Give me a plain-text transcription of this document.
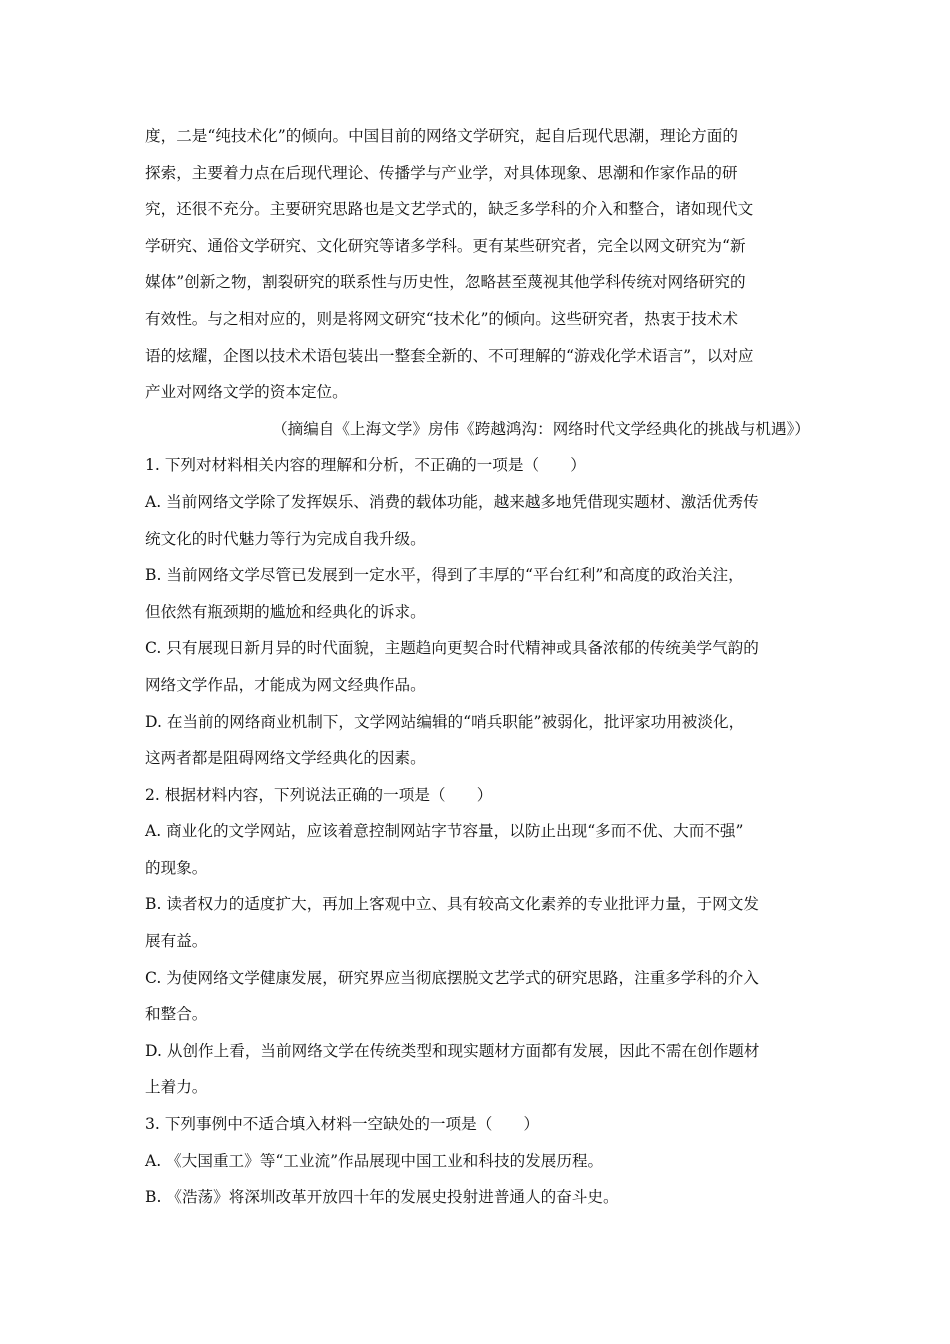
度，二是“纯技术化”的倾向。中国目前的网络文学研究，起自后现代思潮，理论方面的
探索，主要着力点在后现代理论、传播学与产业学，对具体现象、思潮和作家作品的研
究，还很不充分。主要研究思路也是文艺学式的，缺乏多学科的介入和整合，诸如现代文
学研究、通俗文学研究、文化研究等诸多学科。更有某些研究者，完全以网文研究为“新
媒体”创新之物，割裂研究的联系性与历史性，忽略甚至蔑视其他学科传统对网络研究的
有效性。与之相对应的，则是将网文研究“技术化”的倾向。这些研究者，热衷于技术术
语的炫耀，企图以技术术语包装出一整套全新的、不可理解的“游戏化学术语言”，以对应
产业对网络文学的资本定位。
（摘编自《上海文学》房伟《跨越鸿沟：网络时代文学经典化的挑战与机遇》）
1. 下列对材料相关内容的理解和分析，不正确的一项是（　　）
A. 当前网络文学除了发挥娱乐、消费的载体功能，越来越多地凭借现实题材、激活优秀传
统文化的时代魅力等行为完成自我升级。
B. 当前网络文学尽管已发展到一定水平，得到了丰厚的“平台红利”和高度的政治关注，
但依然有瓶颈期的尴尬和经典化的诉求。
C. 只有展现日新月异的时代面貌，主题趋向更契合时代精神或具备浓郁的传统美学气韵的
网络文学作品，才能成为网文经典作品。
D. 在当前的网络商业机制下，文学网站编辑的“哨兵职能”被弱化，批评家功用被淡化，
这两者都是阻碍网络文学经典化的因素。
2. 根据材料内容，下列说法正确的一项是（　　）
A. 商业化的文学网站，应该着意控制网站字节容量，以防止出现“多而不优、大而不强”
的现象。
B. 读者权力的适度扩大，再加上客观中立、具有较高文化素养的专业批评力量，于网文发
展有益。
C. 为使网络文学健康发展，研究界应当彻底摆脱文艺学式的研究思路，注重多学科的介入
和整合。
D. 从创作上看，当前网络文学在传统类型和现实题材方面都有发展，因此不需在创作题材
上着力。
3. 下列事例中不适合填入材料一空缺处的一项是（　　）
A. 《大国重工》等“工业流”作品展现中国工业和科技的发展历程。
B. 《浩荡》将深圳改革开放四十年的发展史投射进普通人的奋斗史。
